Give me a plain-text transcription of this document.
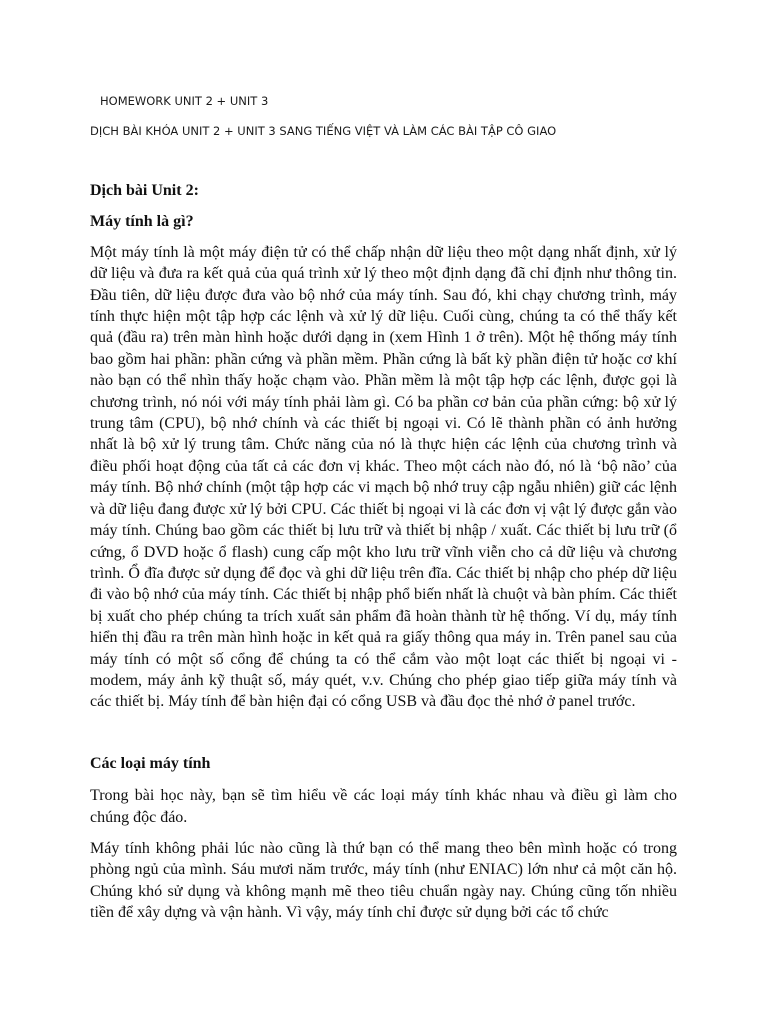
HOMEWORK UNIT 2 + UNIT 3
DỊCH BÀI KHÓA UNIT 2 + UNIT 3 SANG TIẾNG VIỆT VÀ LÀM CÁC BÀI TẬP CÔ GIAO

Dịch bài Unit 2:

Máy tính là gì?

Một máy tính là một máy điện tử có thể chấp nhận dữ liệu theo một dạng nhất định, xử lý dữ liệu và đưa ra kết quả của quá trình xử lý theo một định dạng đã chỉ định như thông tin. Đầu tiên, dữ liệu được đưa vào bộ nhớ của máy tính. Sau đó, khi chạy chương trình, máy tính thực hiện một tập hợp các lệnh và xử lý dữ liệu. Cuối cùng, chúng ta có thể thấy kết quả (đầu ra) trên màn hình hoặc dưới dạng in (xem Hình 1 ở trên). Một hệ thống máy tính bao gồm hai phần: phần cứng và phần mềm. Phần cứng là bất kỳ phần điện tử hoặc cơ khí nào bạn có thể nhìn thấy hoặc chạm vào. Phần mềm là một tập hợp các lệnh, được gọi là chương trình, nó nói với máy tính phải làm gì. Có ba phần cơ bản của phần cứng: bộ xử lý trung tâm (CPU), bộ nhớ chính và các thiết bị ngoại vi. Có lẽ thành phần có ảnh hưởng nhất là bộ xử lý trung tâm. Chức năng của nó là thực hiện các lệnh của chương trình và điều phối hoạt động của tất cả các đơn vị khác. Theo một cách nào đó, nó là ‘bộ não’ của máy tính. Bộ nhớ chính (một tập hợp các vi mạch bộ nhớ truy cập ngẫu nhiên) giữ các lệnh và dữ liệu đang được xử lý bởi CPU. Các thiết bị ngoại vi là các đơn vị vật lý được gắn vào máy tính. Chúng bao gồm các thiết bị lưu trữ và thiết bị nhập / xuất. Các thiết bị lưu trữ (ổ cứng, ổ DVD hoặc ổ flash) cung cấp một kho lưu trữ vĩnh viễn cho cả dữ liệu và chương trình. Ổ đĩa được sử dụng để đọc và ghi dữ liệu trên đĩa. Các thiết bị nhập cho phép dữ liệu đi vào bộ nhớ của máy tính. Các thiết bị nhập phổ biến nhất là chuột và bàn phím. Các thiết bị xuất cho phép chúng ta trích xuất sản phẩm đã hoàn thành từ hệ thống. Ví dụ, máy tính hiển thị đầu ra trên màn hình hoặc in kết quả ra giấy thông qua máy in. Trên panel sau của máy tính có một số cổng để chúng ta có thể cắm vào một loạt các thiết bị ngoại vi - modem, máy ảnh kỹ thuật số, máy quét, v.v. Chúng cho phép giao tiếp giữa máy tính và các thiết bị. Máy tính để bàn hiện đại có cổng USB và đầu đọc thẻ nhớ ở panel trước.

Các loại máy tính

Trong bài học này, bạn sẽ tìm hiểu về các loại máy tính khác nhau và điều gì làm cho chúng độc đáo.

Máy tính không phải lúc nào cũng là thứ bạn có thể mang theo bên mình hoặc có trong phòng ngủ của mình. Sáu mươi năm trước, máy tính (như ENIAC) lớn như cả một căn hộ. Chúng khó sử dụng và không mạnh mẽ theo tiêu chuẩn ngày nay. Chúng cũng tốn nhiều tiền để xây dựng và vận hành. Vì vậy, máy tính chỉ được sử dụng bởi các tổ chức
